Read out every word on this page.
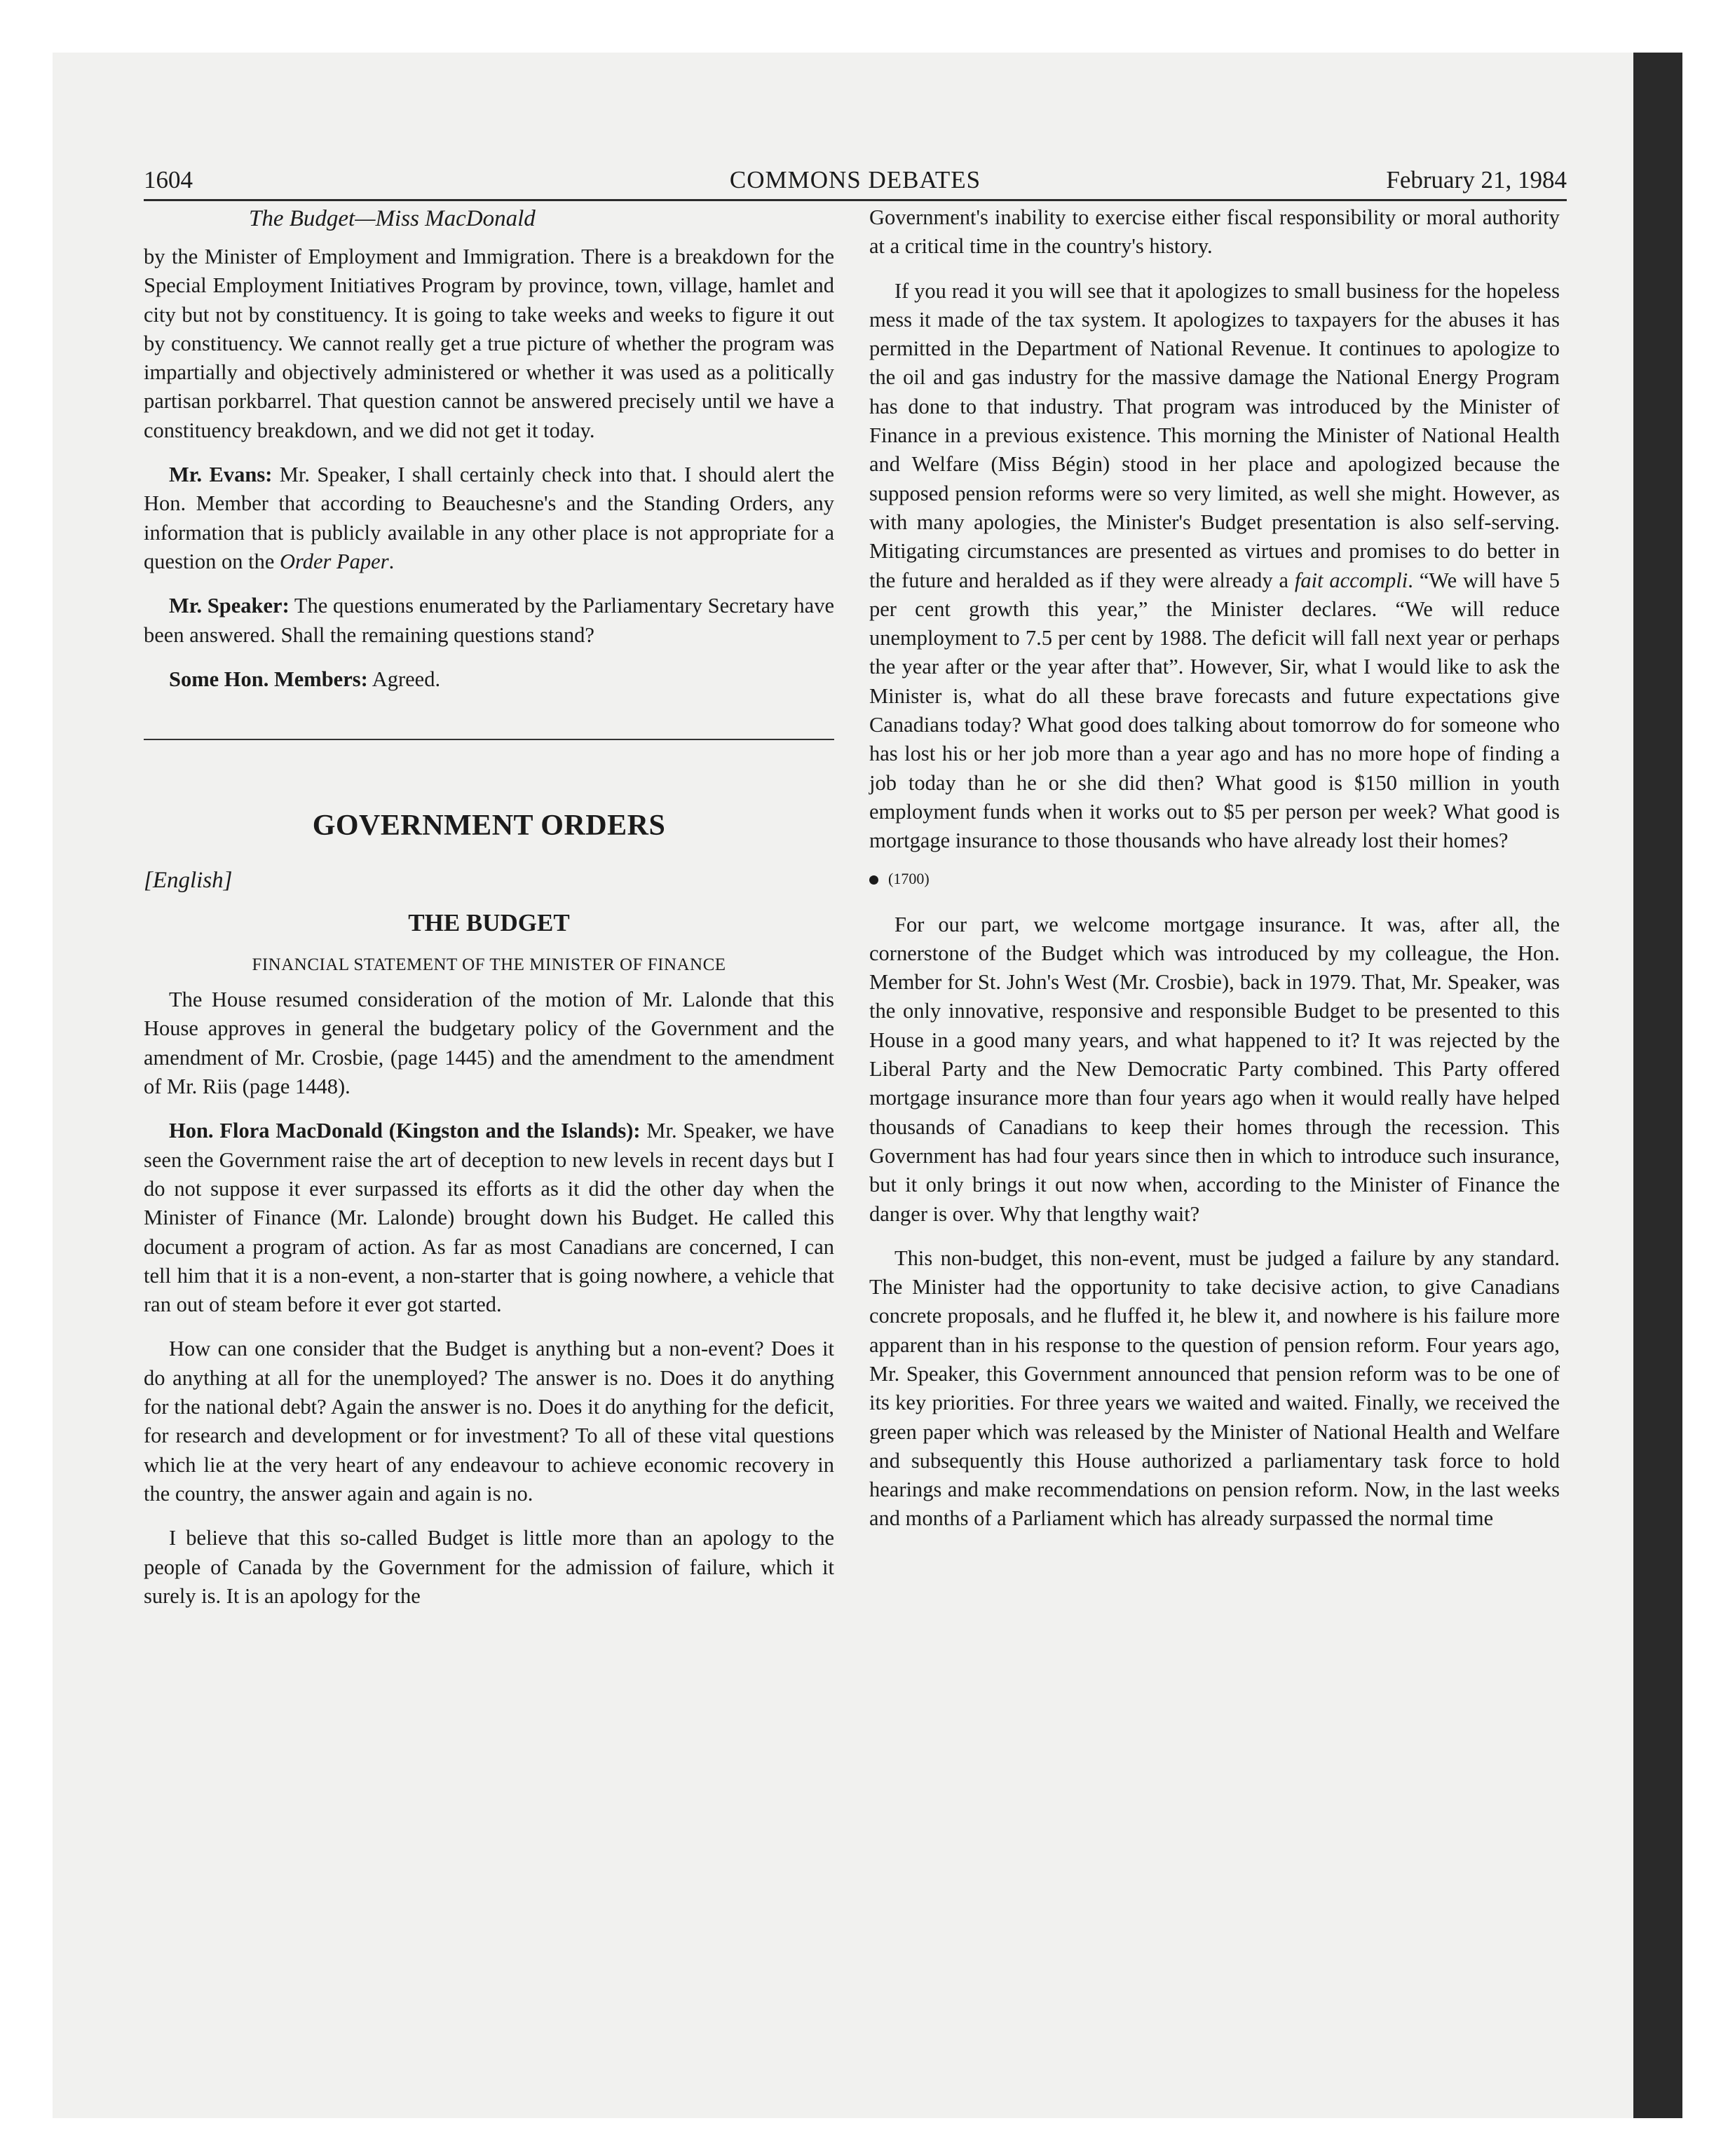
1604	COMMONS DEBATES	February 21, 1984

The Budget—Miss MacDonald

by the Minister of Employment and Immigration. There is a breakdown for the Special Employment Initiatives Program by province, town, village, hamlet and city but not by constituency. It is going to take weeks and weeks to figure it out by constituency. We cannot really get a true picture of whether the program was impartially and objectively administered or whether it was used as a politically partisan porkbarrel. That question cannot be answered precisely until we have a constituency breakdown, and we did not get it today.

Mr. Evans: Mr. Speaker, I shall certainly check into that. I should alert the Hon. Member that according to Beauchesne's and the Standing Orders, any information that is publicly available in any other place is not appropriate for a question on the Order Paper.

Mr. Speaker: The questions enumerated by the Parliamentary Secretary have been answered. Shall the remaining questions stand?

Some Hon. Members: Agreed.

GOVERNMENT ORDERS

[English]

THE BUDGET

FINANCIAL STATEMENT OF THE MINISTER OF FINANCE

The House resumed consideration of the motion of Mr. Lalonde that this House approves in general the budgetary policy of the Government and the amendment of Mr. Crosbie, (page 1445) and the amendment to the amendment of Mr. Riis (page 1448).

Hon. Flora MacDonald (Kingston and the Islands): Mr. Speaker, we have seen the Government raise the art of deception to new levels in recent days but I do not suppose it ever surpassed its efforts as it did the other day when the Minister of Finance (Mr. Lalonde) brought down his Budget. He called this document a program of action. As far as most Canadians are concerned, I can tell him that it is a non-event, a non-starter that is going nowhere, a vehicle that ran out of steam before it ever got started.

How can one consider that the Budget is anything but a non-event? Does it do anything at all for the unemployed? The answer is no. Does it do anything for the national debt? Again the answer is no. Does it do anything for the deficit, for research and development or for investment? To all of these vital questions which lie at the very heart of any endeavour to achieve economic recovery in the country, the answer again and again is no.

I believe that this so-called Budget is little more than an apology to the people of Canada by the Government for the admission of failure, which it surely is. It is an apology for the

Government's inability to exercise either fiscal responsibility or moral authority at a critical time in the country's history.

If you read it you will see that it apologizes to small business for the hopeless mess it made of the tax system. It apologizes to taxpayers for the abuses it has permitted in the Department of National Revenue. It continues to apologize to the oil and gas industry for the massive damage the National Energy Program has done to that industry. That program was introduced by the Minister of Finance in a previous existence. This morning the Minister of National Health and Welfare (Miss Bégin) stood in her place and apologized because the supposed pension reforms were so very limited, as well she might. However, as with many apologies, the Minister's Budget presentation is also self-serving. Mitigating circumstances are presented as virtues and promises to do better in the future and heralded as if they were already a fait accompli. “We will have 5 per cent growth this year,” the Minister declares. “We will reduce unemployment to 7.5 per cent by 1988. The deficit will fall next year or perhaps the year after or the year after that”. However, Sir, what I would like to ask the Minister is, what do all these brave forecasts and future expectations give Canadians today? What good does talking about tomorrow do for someone who has lost his or her job more than a year ago and has no more hope of finding a job today than he or she did then? What good is $150 million in youth employment funds when it works out to $5 per person per week? What good is mortgage insurance to those thousands who have already lost their homes?

(1700)

For our part, we welcome mortgage insurance. It was, after all, the cornerstone of the Budget which was introduced by my colleague, the Hon. Member for St. John's West (Mr. Crosbie), back in 1979. That, Mr. Speaker, was the only innovative, responsive and responsible Budget to be presented to this House in a good many years, and what happened to it? It was rejected by the Liberal Party and the New Democratic Party combined. This Party offered mortgage insurance more than four years ago when it would really have helped thousands of Canadians to keep their homes through the recession. This Government has had four years since then in which to introduce such insurance, but it only brings it out now when, according to the Minister of Finance the danger is over. Why that lengthy wait?

This non-budget, this non-event, must be judged a failure by any standard. The Minister had the opportunity to take decisive action, to give Canadians concrete proposals, and he fluffed it, he blew it, and nowhere is his failure more apparent than in his response to the question of pension reform. Four years ago, Mr. Speaker, this Government announced that pension reform was to be one of its key priorities. For three years we waited and waited. Finally, we received the green paper which was released by the Minister of National Health and Welfare and subsequently this House authorized a parliamentary task force to hold hearings and make recommendations on pension reform. Now, in the last weeks and months of a Parliament which has already surpassed the normal time
